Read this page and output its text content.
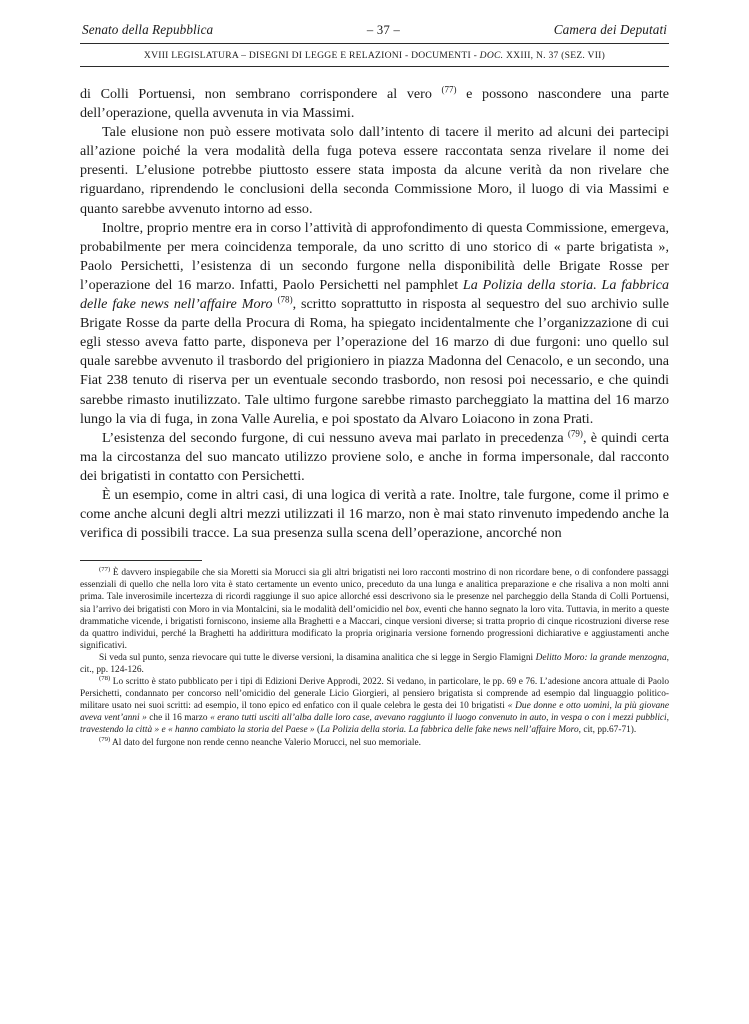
Senato della Repubblica	– 37 –	Camera dei Deputati
XVIII LEGISLATURA – DISEGNI DI LEGGE E RELAZIONI - DOCUMENTI - DOC. XXIII, N. 37 (SEZ. VII)

di Colli Portuensi, non sembrano corrispondere al vero $^{(77)}$ e possono nascondere una parte dell’operazione, quella avvenuta in via Massimi.

Tale elusione non può essere motivata solo dall’intento di tacere il merito ad alcuni dei partecipi all’azione poiché la vera modalità della fuga poteva essere raccontata senza rivelare il nome dei presenti. L’elusione potrebbe piuttosto essere stata imposta da alcune verità da non rivelare che riguardano, riprendendo le conclusioni della seconda Commissione Moro, il luogo di via Massimi e quanto sarebbe avvenuto intorno ad esso.

Inoltre, proprio mentre era in corso l’attività di approfondimento di questa Commissione, emergeva, probabilmente per mera coincidenza temporale, da uno scritto di uno storico di « parte brigatista », Paolo Persichetti, l’esistenza di un secondo furgone nella disponibilità delle Brigate Rosse per l’operazione del 16 marzo. Infatti, Paolo Persichetti nel pamphlet La Polizia della storia. La fabbrica delle fake news nell’affaire Moro $^{(78)}$, scritto soprattutto in risposta al sequestro del suo archivio sulle Brigate Rosse da parte della Procura di Roma, ha spiegato incidentalmente che l’organizzazione di cui egli stesso aveva fatto parte, disponeva per l’operazione del 16 marzo di due furgoni: uno quello sul quale sarebbe avvenuto il trasbordo del prigioniero in piazza Madonna del Cenacolo, e un secondo, una Fiat 238 tenuto di riserva per un eventuale secondo trasbordo, non resosi poi necessario, e che quindi sarebbe rimasto inutilizzato. Tale ultimo furgone sarebbe rimasto parcheggiato la mattina del 16 marzo lungo la via di fuga, in zona Valle Aurelia, e poi spostato da Alvaro Loiacono in zona Prati.

L’esistenza del secondo furgone, di cui nessuno aveva mai parlato in precedenza $^{(79)}$, è quindi certa ma la circostanza del suo mancato utilizzo proviene solo, e anche in forma impersonale, dal racconto dei brigatisti in contatto con Persichetti.

È un esempio, come in altri casi, di una logica di verità a rate. Inoltre, tale furgone, come il primo e come anche alcuni degli altri mezzi utilizzati il 16 marzo, non è mai stato rinvenuto impedendo anche la verifica di possibili tracce. La sua presenza sulla scena dell’operazione, ancorché non

$^{(77)}$ È davvero inspiegabile che sia Moretti sia Morucci sia gli altri brigatisti nei loro racconti mostrino di non ricordare bene, o di confondere passaggi essenziali di quello che nella loro vita è stato certamente un evento unico, preceduto da una lunga e analitica preparazione e che risaliva a non molti anni prima. Tale inverosimile incertezza di ricordi raggiunge il suo apice allorché essi descrivono sia le presenze nel parcheggio della Standa di Colli Portuensi, sia l’arrivo dei brigatisti con Moro in via Montalcini, sia le modalità dell’omicidio nel box, eventi che hanno segnato la loro vita. Tuttavia, in merito a queste drammatiche vicende, i brigatisti forniscono, insieme alla Braghetti e a Maccari, cinque versioni diverse; si tratta proprio di cinque ricostruzioni diverse rese da quattro individui, perché la Braghetti ha addirittura modificato la propria originaria versione fornendo progressioni dichiarative e aggiustamenti anche significativi.

Si veda sul punto, senza rievocare qui tutte le diverse versioni, la disamina analitica che si legge in Sergio Flamigni Delitto Moro: la grande menzogna, cit., pp. 124-126.

$^{(78)}$ Lo scritto è stato pubblicato per i tipi di Edizioni Derive Approdi, 2022. Si vedano, in particolare, le pp. 69 e 76. L’adesione ancora attuale di Paolo Persichetti, condannato per concorso nell’omicidio del generale Licio Giorgieri, al pensiero brigatista si comprende ad esempio dal linguaggio politico-militare usato nei suoi scritti: ad esempio, il tono epico ed enfatico con il quale celebra le gesta dei 10 brigatisti « Due donne e otto uomini, la più giovane aveva vent’anni » che il 16 marzo « erano tutti usciti all’alba dalle loro case, avevano raggiunto il luogo convenuto in auto, in vespa o con i mezzi pubblici, travestendo la città » e « hanno cambiato la storia del Paese » (La Polizia della storia. La fabbrica delle fake news nell’affaire Moro, cit, pp.67-71).

$^{(79)}$ Al dato del furgone non rende cenno neanche Valerio Morucci, nel suo memoriale.
